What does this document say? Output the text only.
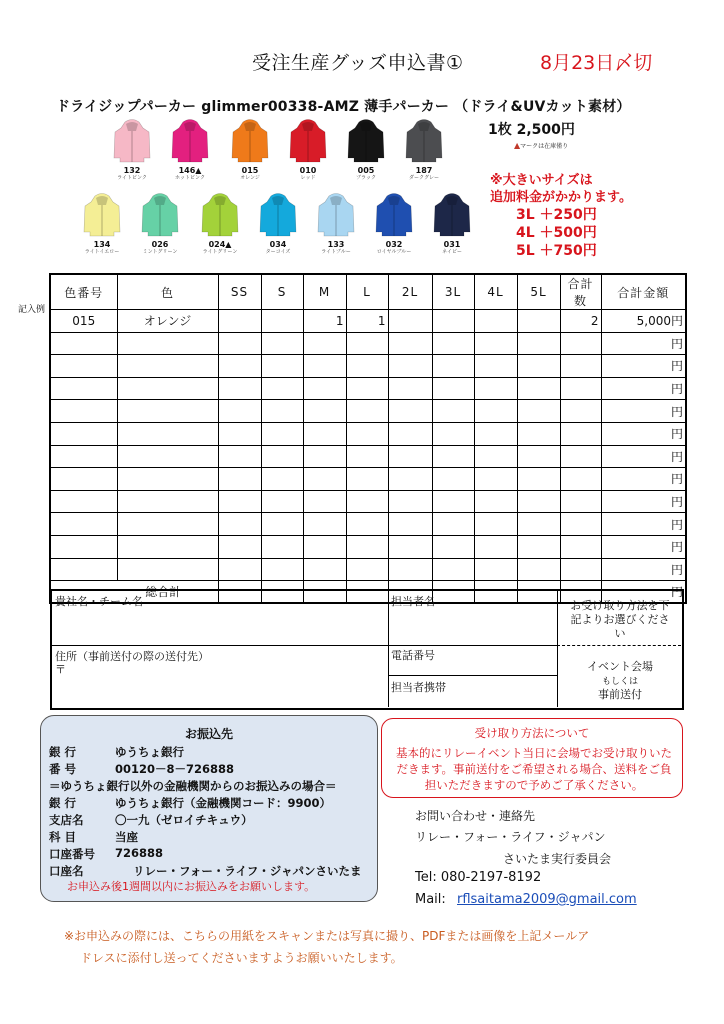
受注生産グッズ申込書①	8月23日〆切
ドライジップパーカー glimmer00338-AMZ 薄手パーカー （ドライ&UVカット素材）
1枚 2,500円
▲マークは在庫僅り
※大きいサイズは
追加料金がかかります。
3L ＋250円
4L ＋500円
5L ＋750円
132
ライトピンク
146▲
ホットピンク
015
オレンジ
010
レッド
005
ブラック
187
ダークグレー
134
ライトイエロー
026
ミントグリーン
024▲
ライトグリーン
034
ターコイズ
133
ライトブルー
032
ロイヤルブルー
031
ネイビー
記入例
色番号	色	SS	S	M	L	2L	3L	4L	5L	合計数	合計金額
015	オレンジ			1	1					2	5,000円
											円
											円
											円
											円
											円
											円
											円
											円
											円
											円
											円
総合計											円
貴社名・チーム名	担当者名
住所（事前送付の際の送付先）
〒
電話番号
担当者携帯
お受け取り方法を下記よりお選びください
イベント会場
もしくは
事前送付
お振込先
銀 行	ゆうちょ銀行
番 号	00120－8－726888
＝ゆうちょ銀行以外の金融機関からのお振込みの場合＝
銀 行	ゆうちょ銀行（金融機関コード：9900）
支店名	〇一九（ゼロイチキュウ）
科 目	当座
口座番号 726888
口座名	リレー・フォー・ライフ・ジャパンさいたま
お申込み後1週間以内にお振込みをお願いします。
受け取り方法について
基本的にリレーイベント当日に会場でお受け取りいただきます。事前送付をご希望される場合、送料をご負担いただきますので予めご了承ください。
お問い合わせ・連絡先
リレー・フォー・ライフ・ジャパン
さいたま実行委員会
Tel: 080-2197-8192
Mail: rflsaitama2009@gmail.com
※お申込みの際には、こちらの用紙をスキャンまたは写真に撮り、PDFまたは画像を上記メールア
ドレスに添付し送ってくださいますようお願いいたします。
